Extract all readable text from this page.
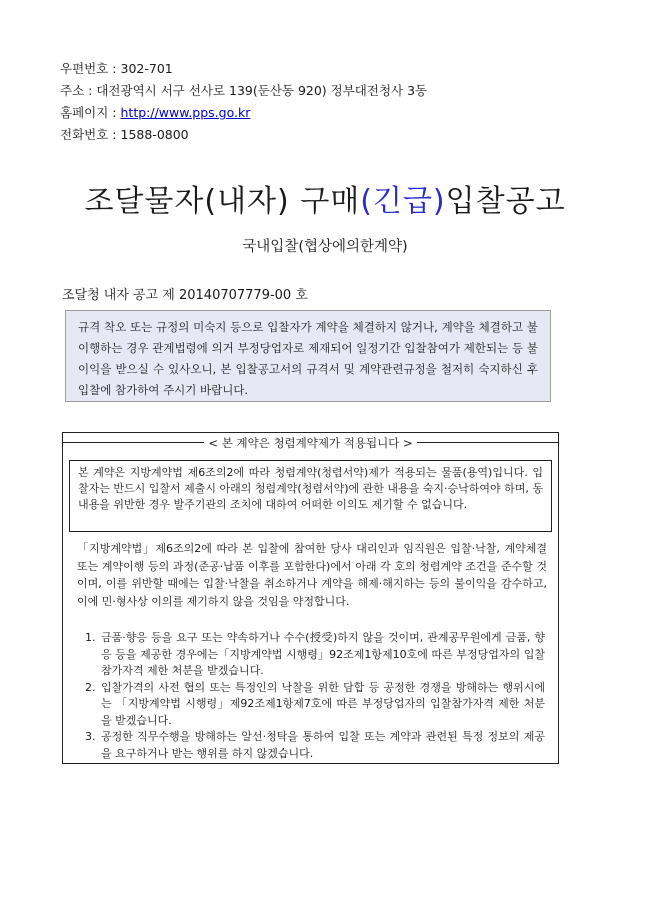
우편번호 : 302-701
주소 : 대전광역시 서구 선사로 139(둔산동 920) 정부대전청사 3동
홈페이지 : http://www.pps.go.kr
전화번호 : 1588-0800
조달물자(내자) 구매(긴급)입찰공고
국내입찰(협상에의한계약)
조달청 내자 공고 제 20140707779-00 호
규격 착오 또는 규정의 미숙지 등으로 입찰자가 계약을 체결하지 않거나, 계약을 체결하고 불이행하는 경우 관계법령에 의거 부정당업자로 제재되어 일정기간 입찰참여가 제한되는 등 불이익을 받으실 수 있사오니, 본 입찰공고서의 규격서 및 계약관련규정을 철저히 숙지하신 후 입찰에 참가하여 주시기 바랍니다.
< 본 계약은 청렴계약제가 적용됩니다 >
본 계약은 지방계약법 제6조의2에 따라 청렴계약(청렴서약)제가 적용되는 물품(용역)입니다. 입찰자는 반드시 입찰서 제출시 아래의 청렴계약(청렴서약)에 관한 내용을 숙지·승낙하여야 하며, 동 내용을 위반한 경우 발주기관의 조치에 대하여 어떠한 이의도 제기할 수 없습니다.
「지방계약법」제6조의2에 따라 본 입찰에 참여한 당사 대리인과 임직원은 입찰·낙찰, 계약체결 또는 계약이행 등의 과정(준공·납품 이후를 포함한다)에서 아래 각 호의 청렴계약 조건을 준수할 것이며, 이를 위반할 때에는 입찰·낙찰을 취소하거나 계약을 해제·해지하는 등의 불이익을 감수하고, 이에 민·형사상 이의를 제기하지 않을 것임을 약정합니다.
1. 금품·향응 등을 요구 또는 약속하거나 수수(授受)하지 않을 것이며, 관계공무원에게 금품, 향응 등을 제공한 경우에는「지방계약법 시행령」92조제1항제10호에 따른 부정당업자의 입찰참가자격 제한 처분을 받겠습니다.
2. 입찰가격의 사전 협의 또는 특정인의 낙찰을 위한 담합 등 공정한 경쟁을 방해하는 행위시에는 「지방계약법 시행령」제92조제1항제7호에 따른 부정당업자의 입찰참가자격 제한 처분을 받겠습니다.
3. 공정한 직무수행을 방해하는 알선·청탁을 통하여 입찰 또는 계약과 관련된 특정 정보의 제공을 요구하거나 받는 행위를 하지 않겠습니다.
